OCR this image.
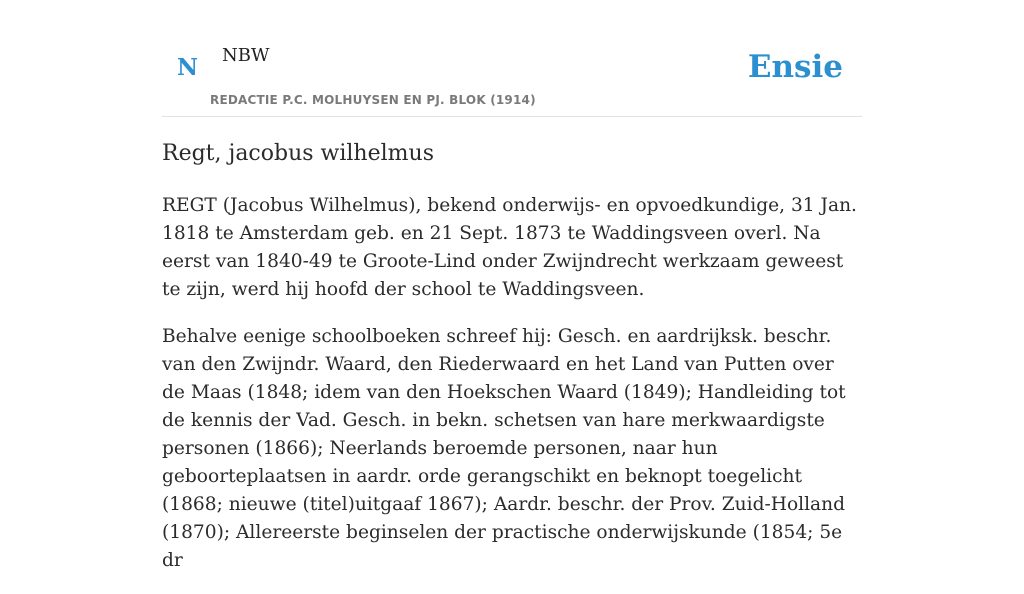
N NBW
REDACTIE P.C. MOLHUYSEN EN PJ. BLOK (1914)
Ensie
Regt, jacobus wilhelmus

REGT (Jacobus Wilhelmus), bekend onderwijs- en opvoedkundige, 31 Jan. 1818 te Amsterdam geb. en 21 Sept. 1873 te Waddingsveen overl. Na eerst van 1840-49 te Groote-Lind onder Zwijndrecht werkzaam geweest te zijn, werd hij hoofd der school te Waddingsveen.

Behalve eenige schoolboeken schreef hij: Gesch. en aardrijksk. beschr. van den Zwijndr. Waard, den Riederwaard en het Land van Putten over de Maas (1848; idem van den Hoekschen Waard (1849); Handleiding tot de kennis der Vad. Gesch. in bekn. schetsen van hare merkwaardigste personen (1866); Neerlands beroemde personen, naar hun geboorteplaatsen in aardr. orde gerangschikt en beknopt toegelicht (1868; nieuwe (titel)uitgaaf 1867); Aardr. beschr. der Prov. Zuid-Holland (1870); Allereerste beginselen der practische onderwijskunde (1854; 5e dr
